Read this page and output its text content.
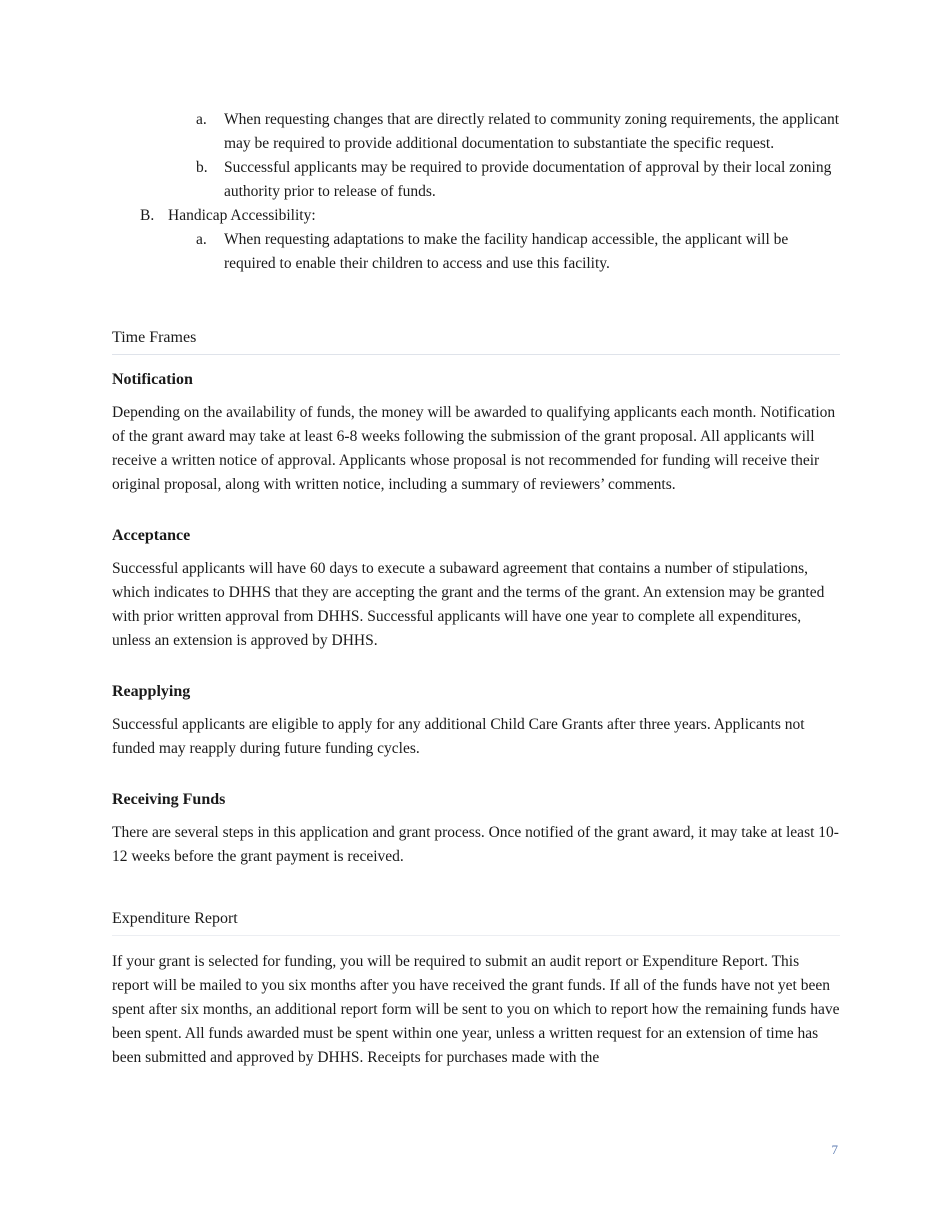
a.	When requesting changes that are directly related to community zoning requirements, the applicant may be required to provide additional documentation to substantiate the specific request.
b.	Successful applicants may be required to provide documentation of approval by their local zoning authority prior to release of funds.
B. Handicap Accessibility:
a.	When requesting adaptations to make the facility handicap accessible, the applicant will be required to enable their children to access and use this facility.
Time Frames
Notification

Depending on the availability of funds, the money will be awarded to qualifying applicants each month. Notification of the grant award may take at least 6-8 weeks following the submission of the grant proposal. All applicants will receive a written notice of approval. Applicants whose proposal is not recommended for funding will receive their original proposal, along with written notice, including a summary of reviewers’ comments.

Acceptance

Successful applicants will have 60 days to execute a subaward agreement that contains a number of stipulations, which indicates to DHHS that they are accepting the grant and the terms of the grant. An extension may be granted with prior written approval from DHHS. Successful applicants will have one year to complete all expenditures, unless an extension is approved by DHHS.

Reapplying

Successful applicants are eligible to apply for any additional Child Care Grants after three years. Applicants not funded may reapply during future funding cycles.

Receiving Funds

There are several steps in this application and grant process. Once notified of the grant award, it may take at least 10-12 weeks before the grant payment is received.

Expenditure Report

If your grant is selected for funding, you will be required to submit an audit report or Expenditure Report. This report will be mailed to you six months after you have received the grant funds. If all of the funds have not yet been spent after six months, an additional report form will be sent to you on which to report how the remaining funds have been spent. All funds awarded must be spent within one year, unless a written request for an extension of time has been submitted and approved by DHHS. Receipts for purchases made with the

7
